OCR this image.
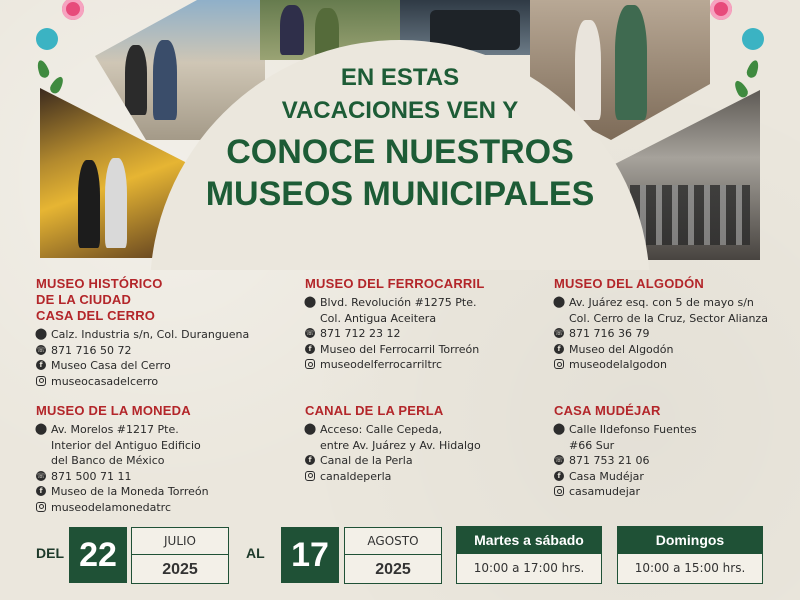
EN ESTAS
VACACIONES VEN Y
CONOCE NUESTROS
MUSEOS MUNICIPALES
MUSEO HISTÓRICO
DE LA CIUDAD
CASA DEL CERRO
⬤ Calz. Industria s/n, Col. Duranguena
☏ 871 716 50 72
f Museo Casa del Cerro
museocasadelcerro
MUSEO DEL FERROCARRIL
⬤ Blvd. Revolución #1275 Pte.
Col. Antigua Aceitera
☏ 871 712 23 12
f Museo del Ferrocarril Torreón
museodelferrocarriltrc
MUSEO DEL ALGODÓN
⬤ Av. Juárez esq. con 5 de mayo s/n
Col. Cerro de la Cruz, Sector Alianza
☏ 871 716 36 79
f Museo del Algodón
museodelalgodon
MUSEO DE LA MONEDA
⬤ Av. Morelos #1217 Pte.
Interior del Antiguo Edificio
del Banco de México
☏ 871 500 71 11
f Museo de la Moneda Torreón
museodelamonedatrc
CANAL DE LA PERLA
⬤ Acceso: Calle Cepeda,
entre Av. Juárez y Av. Hidalgo
f Canal de la Perla
canaldeperla
CASA MUDÉJAR
⬤ Calle Ildefonso Fuentes
#66 Sur
☏ 871 753 21 06
f Casa Mudéjar
casamudejar
DEL 22	JULIO
2025
AL 17	AGOSTO
2025
Martes a sábado
10:00 a 17:00 hrs.
Domingos
10:00 a 15:00 hrs.
